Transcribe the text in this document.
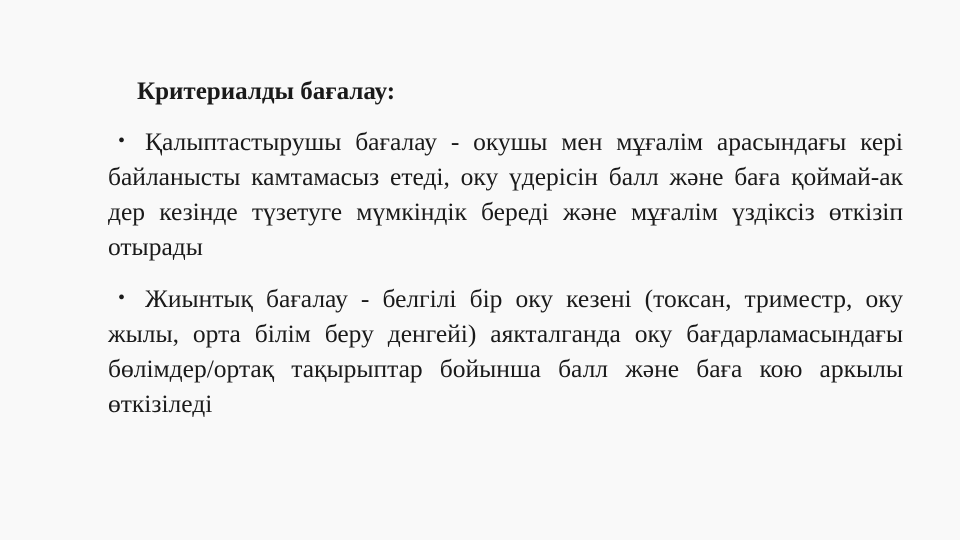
Критериалды бағалау:
• Қалыптастырушы бағалау - окушы мен мұғалім арасындағы кері байланысты камтамасыз етеді, оку үдерісін балл және баға қоймай-ак дер кезінде түзетуге мүмкіндік береді және мұғалім үздіксіз өткізіп отырады
• Жиынтық бағалау - белгілі бір оку кезені (токсан, триместр, оку жылы, орта білім беру денгейі) аякталганда оку бағдарламасындағы бөлімдер/ортақ тақырыптар бойынша балл және баға кою аркылы өткізіледі
